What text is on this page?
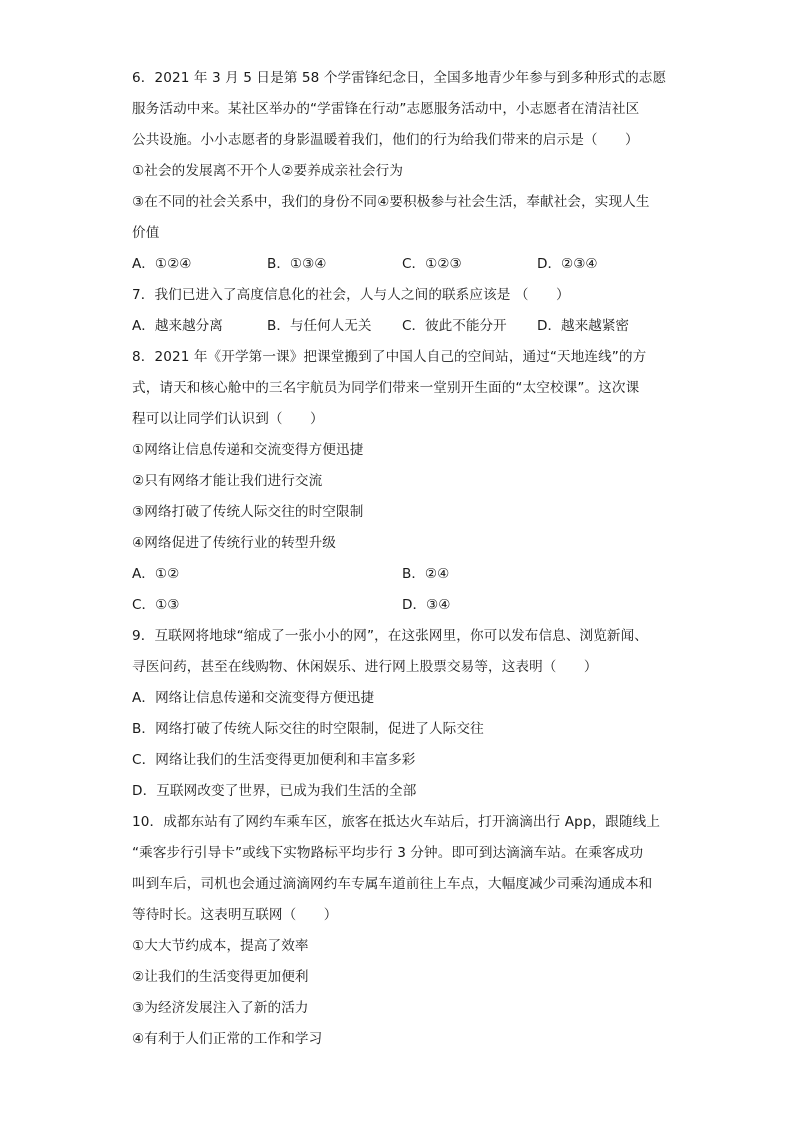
6．2021 年 3 月 5 日是第 58 个学雷锋纪念日，全国多地青少年参与到多种形式的志愿
服务活动中来。某社区举办的“学雷锋在行动”志愿服务活动中，小志愿者在清洁社区
公共设施。小小志愿者的身影温暖着我们，他们的行为给我们带来的启示是（　　）
①社会的发展离不开个人②要养成亲社会行为
③在不同的社会关系中，我们的身份不同④要积极参与社会生活，奉献社会，实现人生
价值
A．①②④	B．①③④	C．①②③	D．②③④
7．我们已进入了高度信息化的社会，人与人之间的联系应该是 （　　）
A．越来越分离	B．与任何人无关	C．彼此不能分开	D．越来越紧密
8．2021 年《开学第一课》把课堂搬到了中国人自己的空间站，通过“天地连线”的方
式，请天和核心舱中的三名宇航员为同学们带来一堂别开生面的“太空校课”。这次课
程可以让同学们认识到（　　）
①网络让信息传递和交流变得方便迅捷
②只有网络才能让我们进行交流
③网络打破了传统人际交往的时空限制
④网络促进了传统行业的转型升级
A．①②	B．②④
C．①③	D．③④
9．互联网将地球“缩成了一张小小的网”，在这张网里，你可以发布信息、浏览新闻、
寻医问药，甚至在线购物、休闲娱乐、进行网上股票交易等，这表明（　　）
A．网络让信息传递和交流变得方便迅捷
B．网络打破了传统人际交往的时空限制，促进了人际交往
C．网络让我们的生活变得更加便利和丰富多彩
D．互联网改变了世界，已成为我们生活的全部
10．成都东站有了网约车乘车区，旅客在抵达火车站后，打开滴滴出行 App，跟随线上
“乘客步行引导卡”或线下实物路标平均步行 3 分钟。即可到达滴滴车站。在乘客成功
叫到车后，司机也会通过滴滴网约车专属车道前往上车点，大幅度减少司乘沟通成本和
等待时长。这表明互联网（　　）
①大大节约成本，提高了效率
②让我们的生活变得更加便利
③为经济发展注入了新的活力
④有利于人们正常的工作和学习
